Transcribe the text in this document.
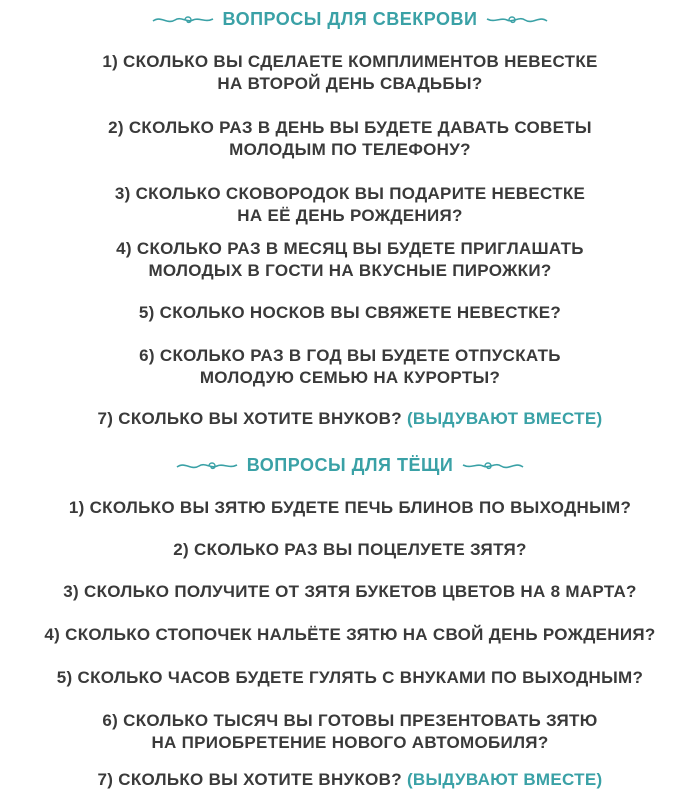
ВОПРОСЫ ДЛЯ СВЕКРОВИ
1) СКОЛЬКО ВЫ СДЕЛАЕТЕ КОМПЛИМЕНТОВ НЕВЕСТКЕ
НА ВТОРОЙ ДЕНЬ СВАДЬБЫ?
2) СКОЛЬКО РАЗ В ДЕНЬ ВЫ БУДЕТЕ ДАВАТЬ СОВЕТЫ
МОЛОДЫМ ПО ТЕЛЕФОНУ?
3) СКОЛЬКО СКОВОРОДОК ВЫ ПОДАРИТЕ НЕВЕСТКЕ
НА ЕЁ ДЕНЬ РОЖДЕНИЯ?
4) СКОЛЬКО РАЗ В МЕСЯЦ ВЫ БУДЕТЕ ПРИГЛАШАТЬ
МОЛОДЫХ В ГОСТИ НА ВКУСНЫЕ ПИРОЖКИ?
5) СКОЛЬКО НОСКОВ ВЫ СВЯЖЕТЕ НЕВЕСТКЕ?
6) СКОЛЬКО РАЗ В ГОД ВЫ БУДЕТЕ ОТПУСКАТЬ
МОЛОДУЮ СЕМЬЮ НА КУРОРТЫ?
7) СКОЛЬКО ВЫ ХОТИТЕ ВНУКОВ? (ВЫДУВАЮТ ВМЕСТЕ)
ВОПРОСЫ ДЛЯ ТЁЩИ
1) СКОЛЬКО ВЫ ЗЯТЮ БУДЕТЕ ПЕЧЬ БЛИНОВ ПО ВЫХОДНЫМ?
2) СКОЛЬКО РАЗ ВЫ ПОЦЕЛУЕТЕ ЗЯТЯ?
3) СКОЛЬКО ПОЛУЧИТЕ ОТ ЗЯТЯ БУКЕТОВ ЦВЕТОВ НА 8 МАРТА?
4) СКОЛЬКО СТОПОЧЕК НАЛЬЁТЕ ЗЯТЮ НА СВОЙ ДЕНЬ РОЖДЕНИЯ?
5) СКОЛЬКО ЧАСОВ БУДЕТЕ ГУЛЯТЬ С ВНУКАМИ ПО ВЫХОДНЫМ?
6) СКОЛЬКО ТЫСЯЧ ВЫ ГОТОВЫ ПРЕЗЕНТОВАТЬ ЗЯТЮ
НА ПРИОБРЕТЕНИЕ НОВОГО АВТОМОБИЛЯ?
7) СКОЛЬКО ВЫ ХОТИТЕ ВНУКОВ? (ВЫДУВАЮТ ВМЕСТЕ)
